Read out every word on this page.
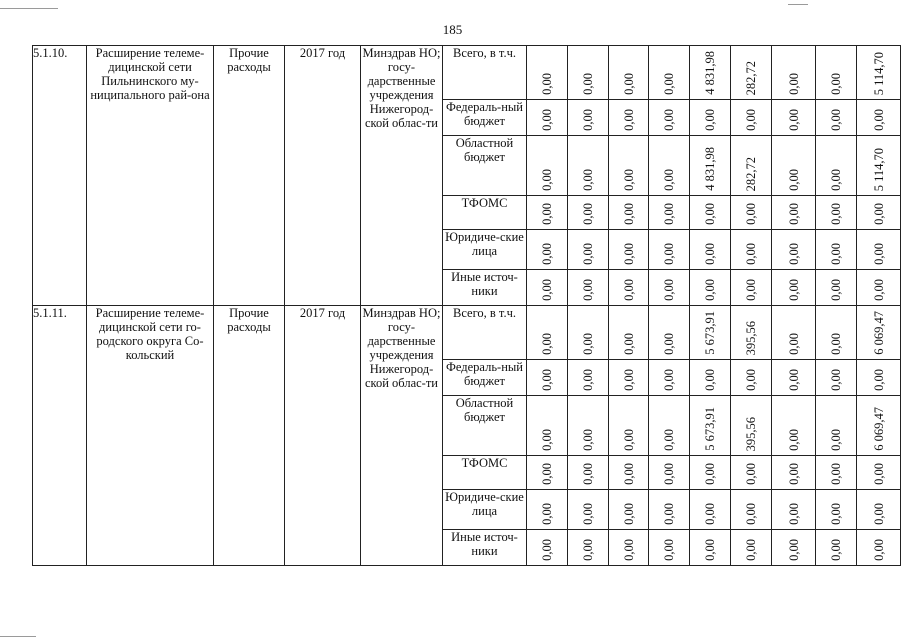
185
5.1.10.	Расширение телеме-дицинской сети Пильнинского му-ниципального рай-она	Прочие расходы	2017 год	Минздрав НО; госу-дарственные учреждения Нижегород-ской облас-ти	Всего, в т.ч.	0,00	0,00	0,00	0,00	4 831,98	282,72	0,00	0,00	5 114,70

					Федераль-ный бюджет	0,00	0,00	0,00	0,00	0,00	0,00	0,00	0,00	0,00

					Областной бюджет	0,00	0,00	0,00	0,00	4 831,98	282,72	0,00	0,00	5 114,70

					ТФОМС	0,00	0,00	0,00	0,00	0,00	0,00	0,00	0,00	0,00

					Юридиче-ские лица	0,00	0,00	0,00	0,00	0,00	0,00	0,00	0,00	0,00

					Иные источ-ники	0,00	0,00	0,00	0,00	0,00	0,00	0,00	0,00	0,00

5.1.11.	Расширение телеме-дицинской сети го-родского округа Со-кольский	Прочие расходы	2017 год	Минздрав НО; госу-дарственные учреждения Нижегород-ской облас-ти	Всего, в т.ч.	0,00	0,00	0,00	0,00	5 673,91	395,56	0,00	0,00	6 069,47

					Федераль-ный бюджет	0,00	0,00	0,00	0,00	0,00	0,00	0,00	0,00	0,00

					Областной бюджет	0,00	0,00	0,00	0,00	5 673,91	395,56	0,00	0,00	6 069,47

					ТФОМС	0,00	0,00	0,00	0,00	0,00	0,00	0,00	0,00	0,00

					Юридиче-ские лица	0,00	0,00	0,00	0,00	0,00	0,00	0,00	0,00	0,00

					Иные источ-ники	0,00	0,00	0,00	0,00	0,00	0,00	0,00	0,00	0,00
